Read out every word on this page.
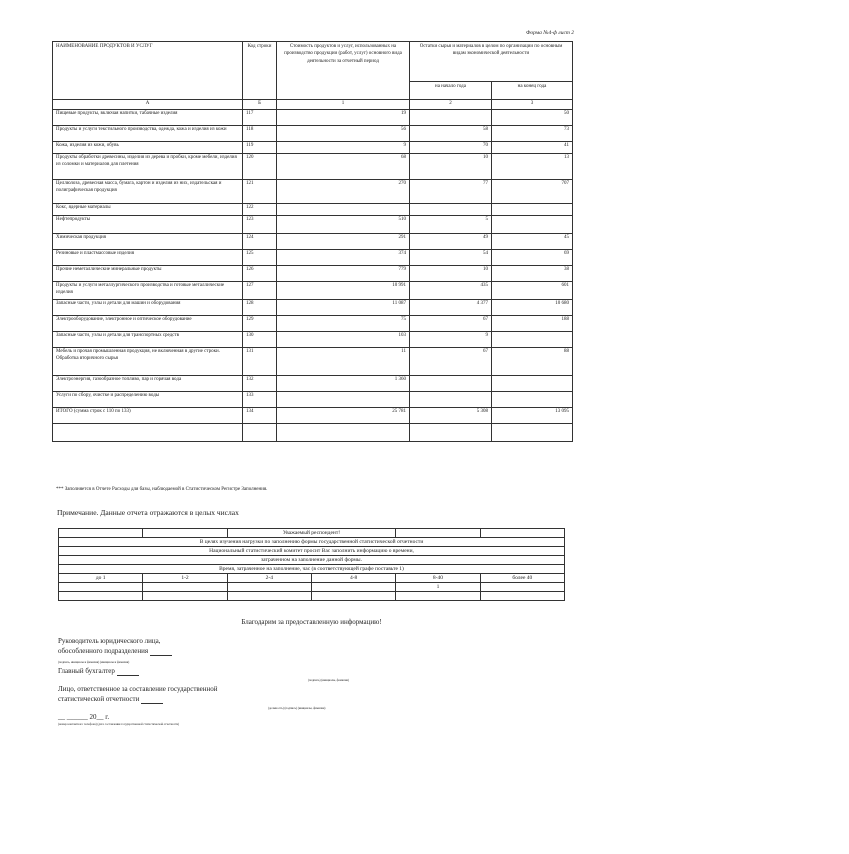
Форма №4-ф лист 2
НАИМЕНОВАНИЕ ПРОДУКТОВ И УСЛУГ	Код строки	Стоимость продуктов и услуг, использованных на производство продукции (работ, услуг) основного вида деятельности за отчетный период	Остатки сырья и материалов в целом по организации по основным видам экономической деятельности	
			на начало года	на конец года
А	Б	1	2	3
Пищевые продукты, включая напитки, табачные изделия	117	19		50
Продукты и услуги текстильного производства, одежда, кожа и изделия из кожи	118	56	58	73
Кожа, изделия из кожи, обувь	119	9	70	41
Продукты обработки древесины, изделия из дерева и пробки, кроме мебели, изделия из соломки и материалов для плетения	120	68	10	13
Целлюлоза, древесная масса, бумага, картон и изделия из них, издательская и полиграфическая продукция	121	270	77	707
Кокс, ядерные материалы	122			
Нефтепродукты	123	510	5	
Химическая продукция	124	291	49	45
Резиновые и пластмассовые изделия	125	374	54	69
Прочие неметаллические минеральные продукты	126	779	10	38
Продукты и услуги металлургического производства и готовые металлические изделия	127	10 991	435	601
Запасные части, узлы и детали для машин и оборудования	128	11 087	4 377	10 680
Электрооборудование, электронное и оптическое оборудование	129	75	67	188
Запасные части, узлы и детали для транспортных средств	130	103	9	
Мебель и прочая промышленная продукция, не включенная в другие строки. Обработка вторичного сырья	131	11	67	88
Электроэнергия, газообразное топливо, пар и горячая вода	132	1 360		
Услуги по сбору, очистке и распределению воды	133			
ИТОГО (сумма строк с 110 по 133)	134	25 781	5 308	13 095

*** Заполняется в Отчете Расходы для базы, наблюдаемой в Статистическом Регистре Заполнения.
Примечание. Данные отчета отражаются в целых числах
		Уважаемый респондент!			
В целях изучения нагрузки по заполнению формы государственной статистической отчетности					
Национальный статистический комитет просит Вас заполнить информацию о времени,					
затраченном на заполнение данной формы.					
Время, затраченное на заполнение, час (в соответствующей графе поставьте 1)					
до 1	1-2	2-4	4-8	8-40	более 40
				1	

Благодарим за предоставленную информацию!
Руководитель юридического лица,
обособленного подразделения
(подпись, инициалы и фамилия) (инициалы и фамилия)
Главный бухгалтер
(подпись) (инициалы, фамилия)
Лицо, ответственное за составление государственной
статистической отчетности
(должность) (подпись) (инициалы, фамилия)
__ ______ 20__ г.
(номер контактного телефона) (дата составления государственной статистической отчетности)
